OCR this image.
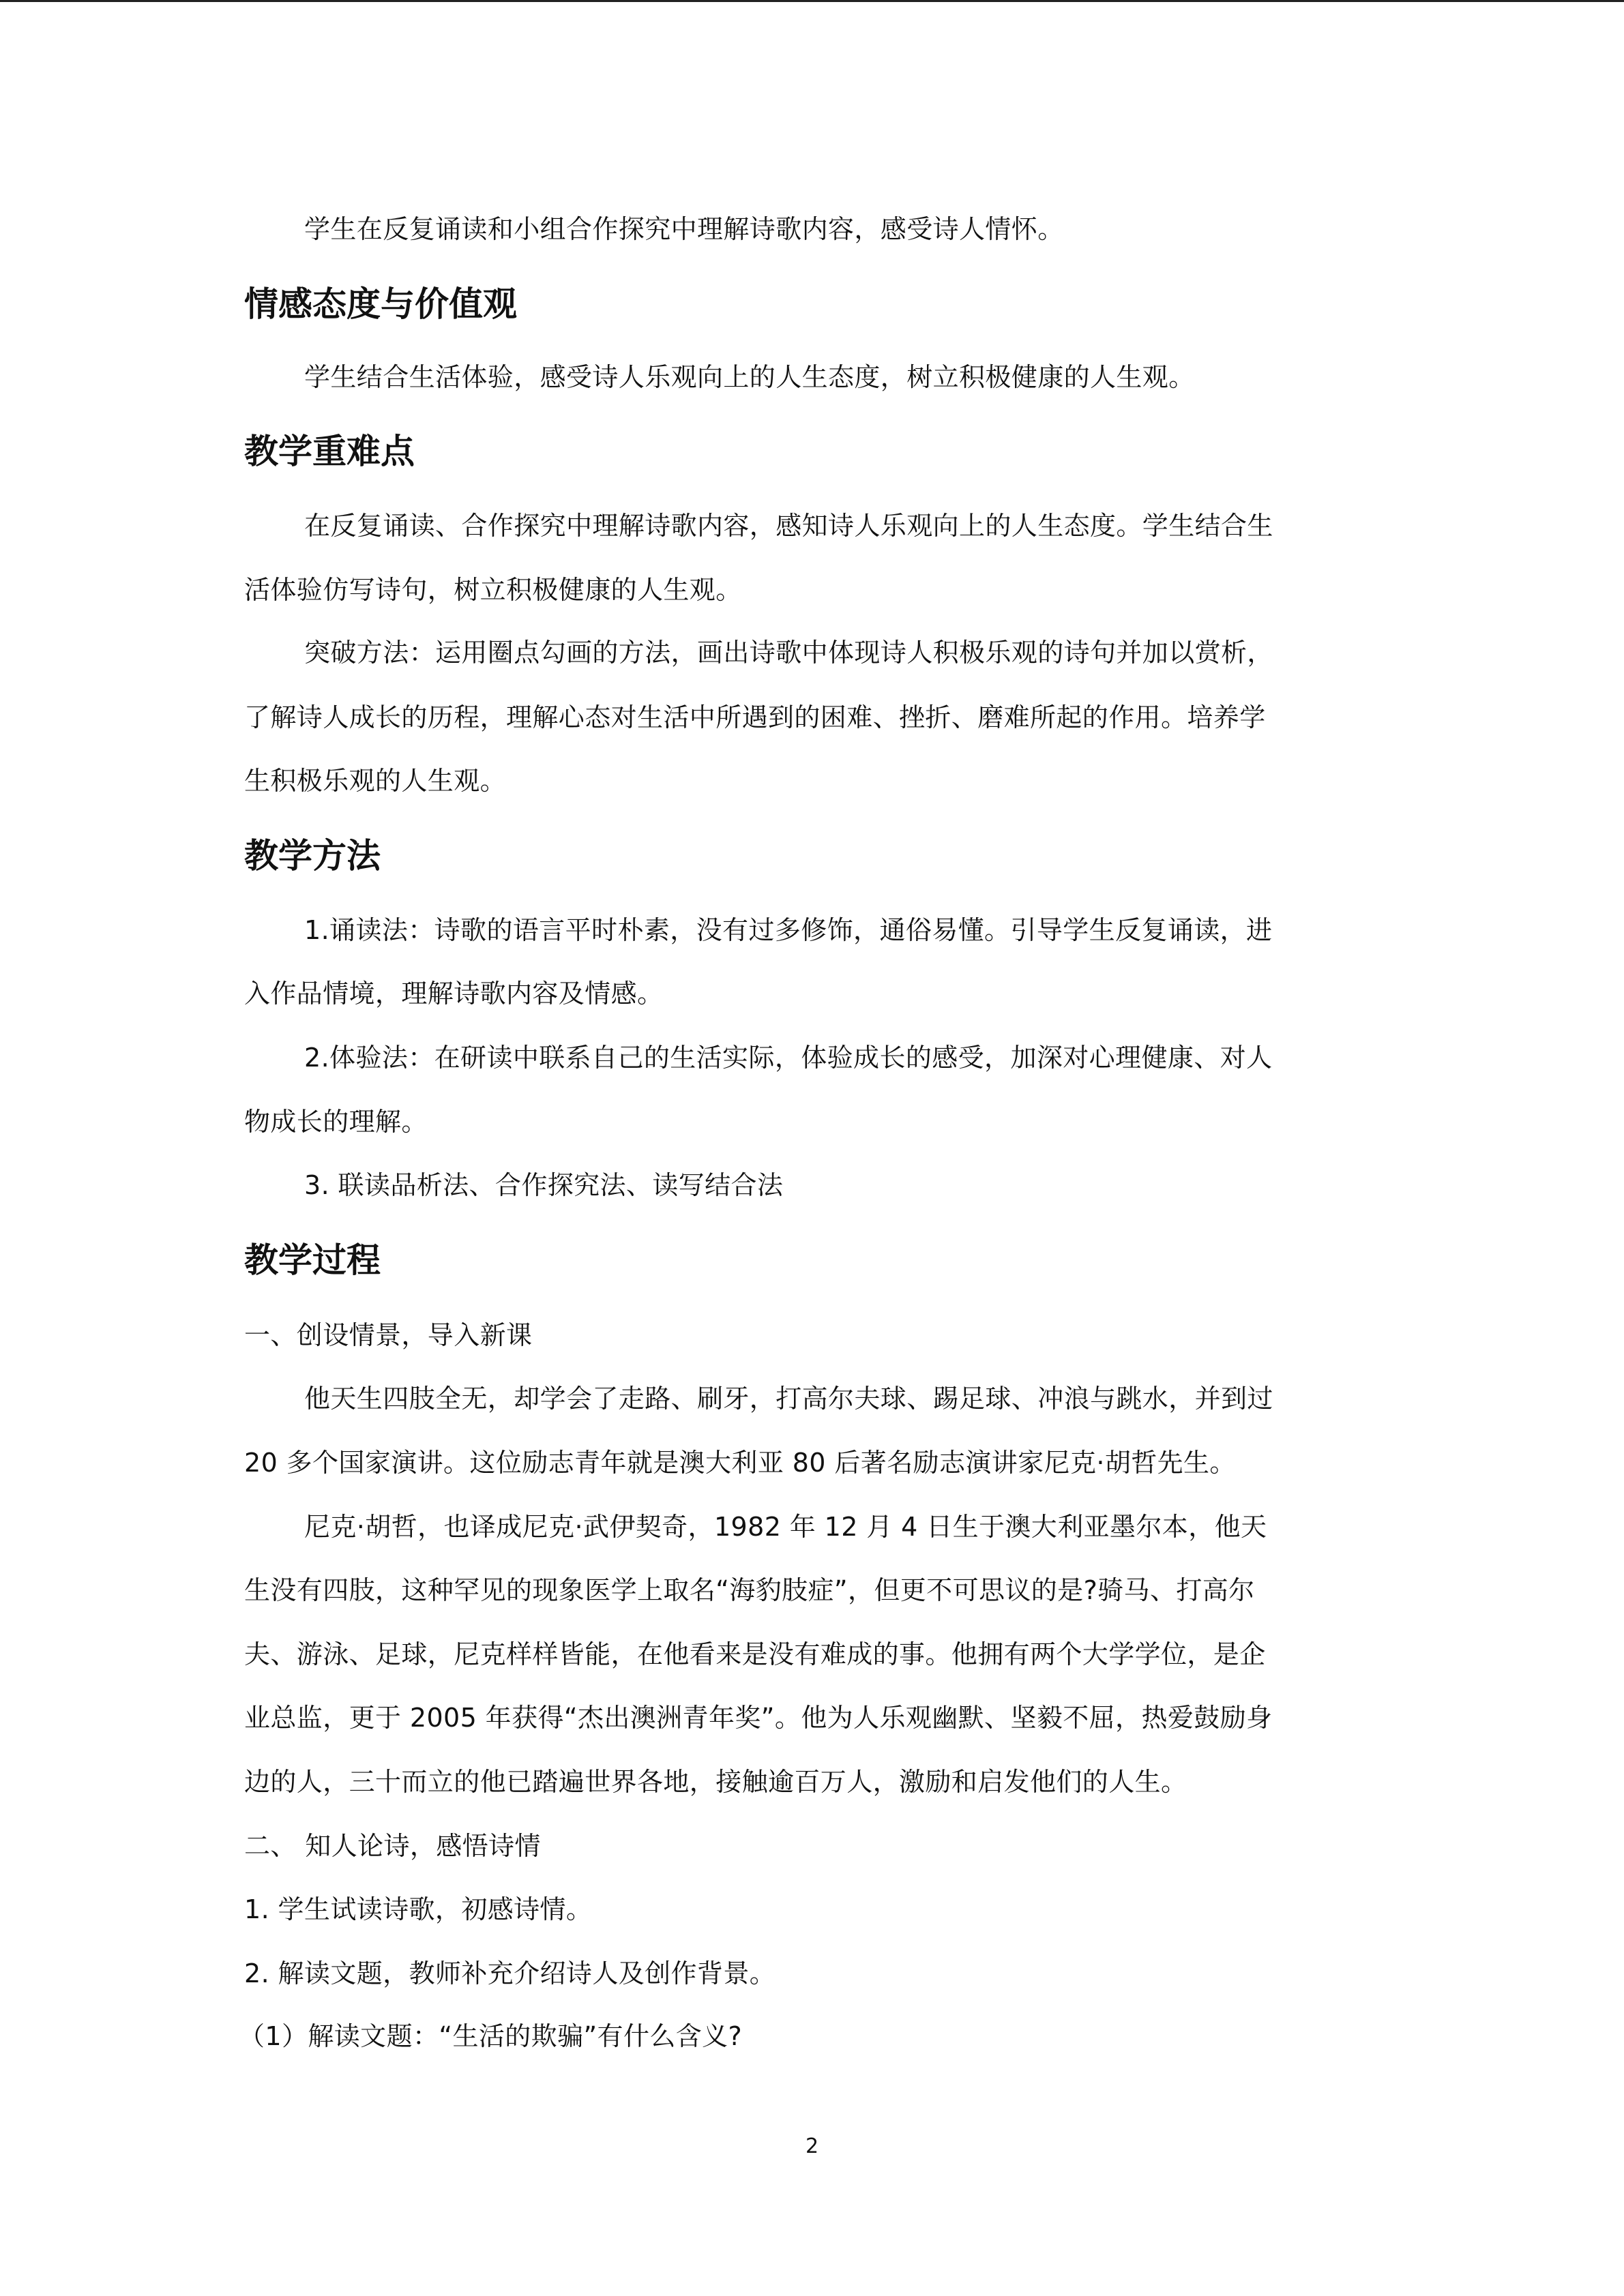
学生在反复诵读和小组合作探究中理解诗歌内容，感受诗人情怀。
情感态度与价值观
学生结合生活体验，感受诗人乐观向上的人生态度，树立积极健康的人生观。
教学重难点
在反复诵读、合作探究中理解诗歌内容，感知诗人乐观向上的人生态度。学生结合生
活体验仿写诗句，树立积极健康的人生观。
突破方法：运用圈点勾画的方法，画出诗歌中体现诗人积极乐观的诗句并加以赏析，
了解诗人成长的历程，理解心态对生活中所遇到的困难、挫折、磨难所起的作用。培养学
生积极乐观的人生观。
教学方法
1.诵读法：诗歌的语言平时朴素，没有过多修饰，通俗易懂。引导学生反复诵读，进
入作品情境，理解诗歌内容及情感。
2.体验法：在研读中联系自己的生活实际，体验成长的感受，加深对心理健康、对人
物成长的理解。
3. 联读品析法、合作探究法、读写结合法
教学过程
一、创设情景，导入新课
他天生四肢全无，却学会了走路、刷牙，打高尔夫球、踢足球、冲浪与跳水，并到过
20 多个国家演讲。这位励志青年就是澳大利亚 80 后著名励志演讲家尼克·胡哲先生。
尼克·胡哲，也译成尼克·武伊契奇，1982 年 12 月 4 日生于澳大利亚墨尔本，他天
生没有四肢，这种罕见的现象医学上取名“海豹肢症”，但更不可思议的是?骑马、打高尔
夫、游泳、足球，尼克样样皆能，在他看来是没有难成的事。他拥有两个大学学位，是企
业总监，更于 2005 年获得“杰出澳洲青年奖”。他为人乐观幽默、坚毅不屈，热爱鼓励身
边的人，三十而立的他已踏遍世界各地，接触逾百万人，激励和启发他们的人生。
二、 知人论诗，感悟诗情
1. 学生试读诗歌，初感诗情。
2. 解读文题，教师补充介绍诗人及创作背景。
（1）解读文题：“生活的欺骗”有什么含义?
2
